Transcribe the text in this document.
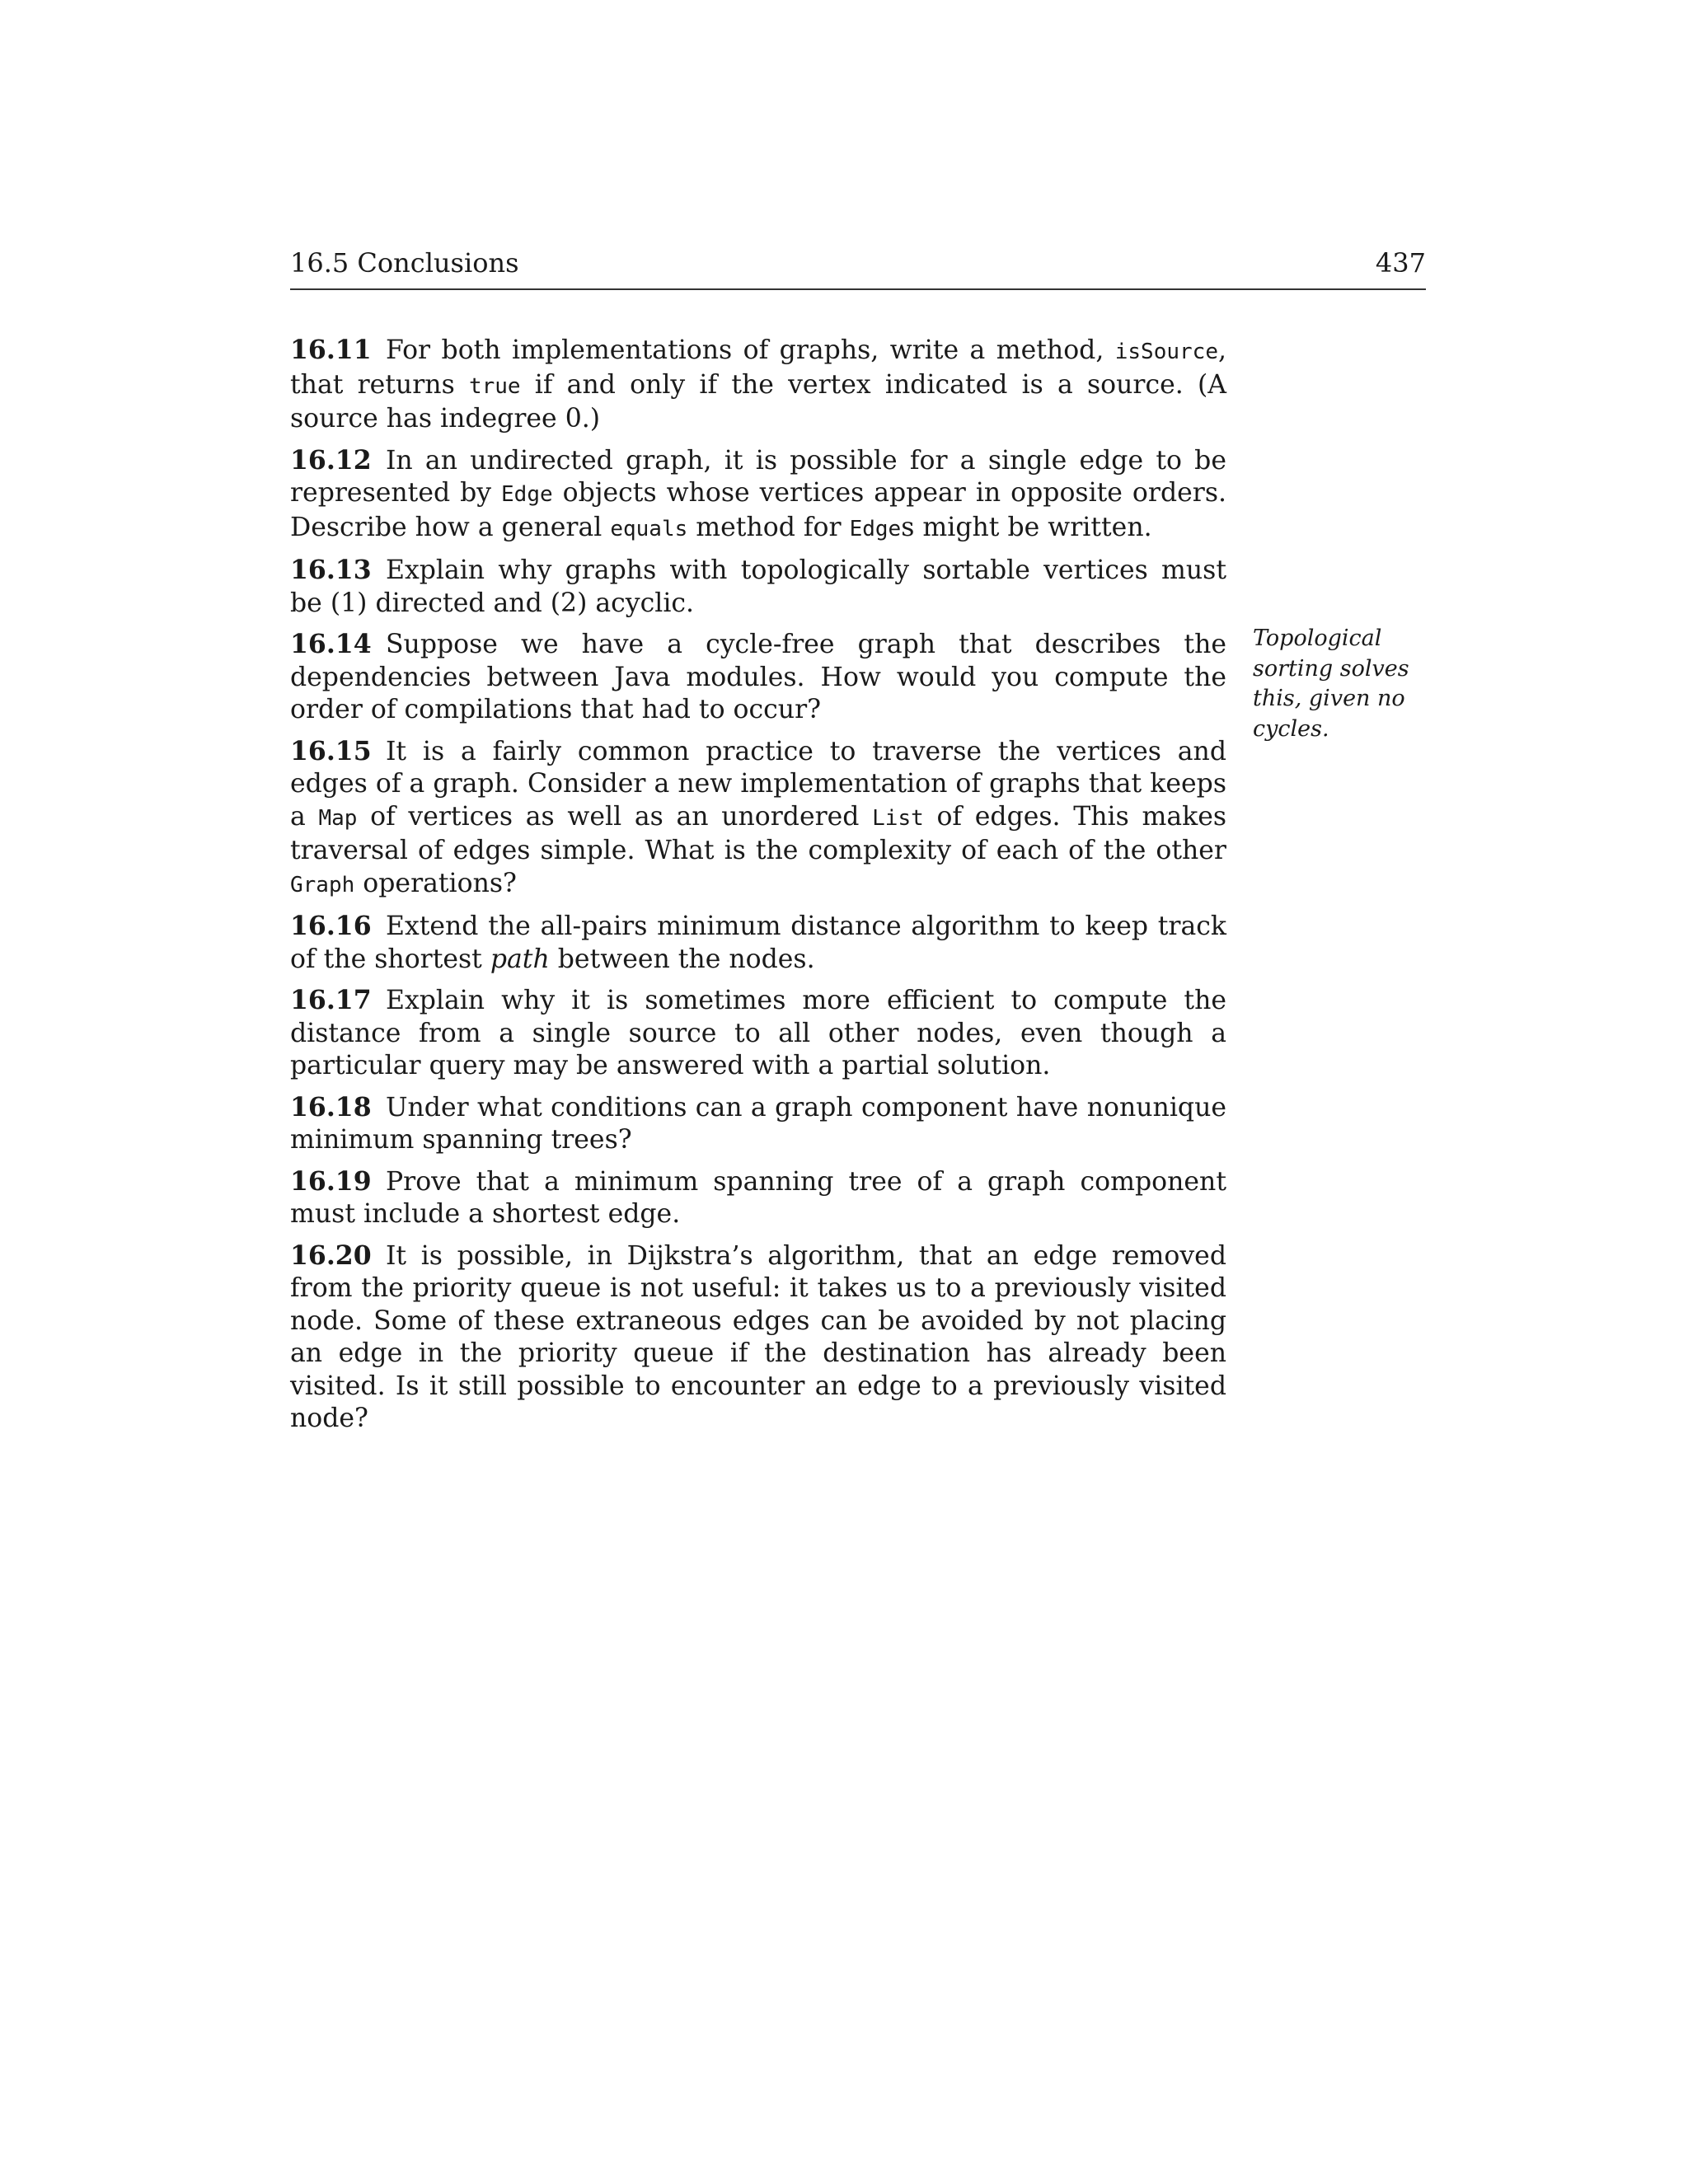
16.5 Conclusions	437

16.11 For both implementations of graphs, write a method, isSource, that returns true if and only if the vertex indicated is a source. (A source has indegree 0.)

16.12 In an undirected graph, it is possible for a single edge to be represented by Edge objects whose vertices appear in opposite orders. Describe how a general equals method for Edges might be written.

16.13 Explain why graphs with topologically sortable vertices must be (1) directed and (2) acyclic.

16.14 Suppose we have a cycle-free graph that describes the dependencies between Java modules. How would you compute the order of compilations that had to occur?

16.15 It is a fairly common practice to traverse the vertices and edges of a graph. Consider a new implementation of graphs that keeps a Map of vertices as well as an unordered List of edges. This makes traversal of edges simple. What is the complexity of each of the other Graph operations?

16.16 Extend the all-pairs minimum distance algorithm to keep track of the shortest path between the nodes.

16.17 Explain why it is sometimes more efficient to compute the distance from a single source to all other nodes, even though a particular query may be answered with a partial solution.

16.18 Under what conditions can a graph component have nonunique minimum spanning trees?

16.19 Prove that a minimum spanning tree of a graph component must include a shortest edge.

16.20 It is possible, in Dijkstra’s algorithm, that an edge removed from the priority queue is not useful: it takes us to a previously visited node. Some of these extraneous edges can be avoided by not placing an edge in the priority queue if the destination has already been visited. Is it still possible to encounter an edge to a previously visited node?

Topological sorting solves this, given no cycles.
